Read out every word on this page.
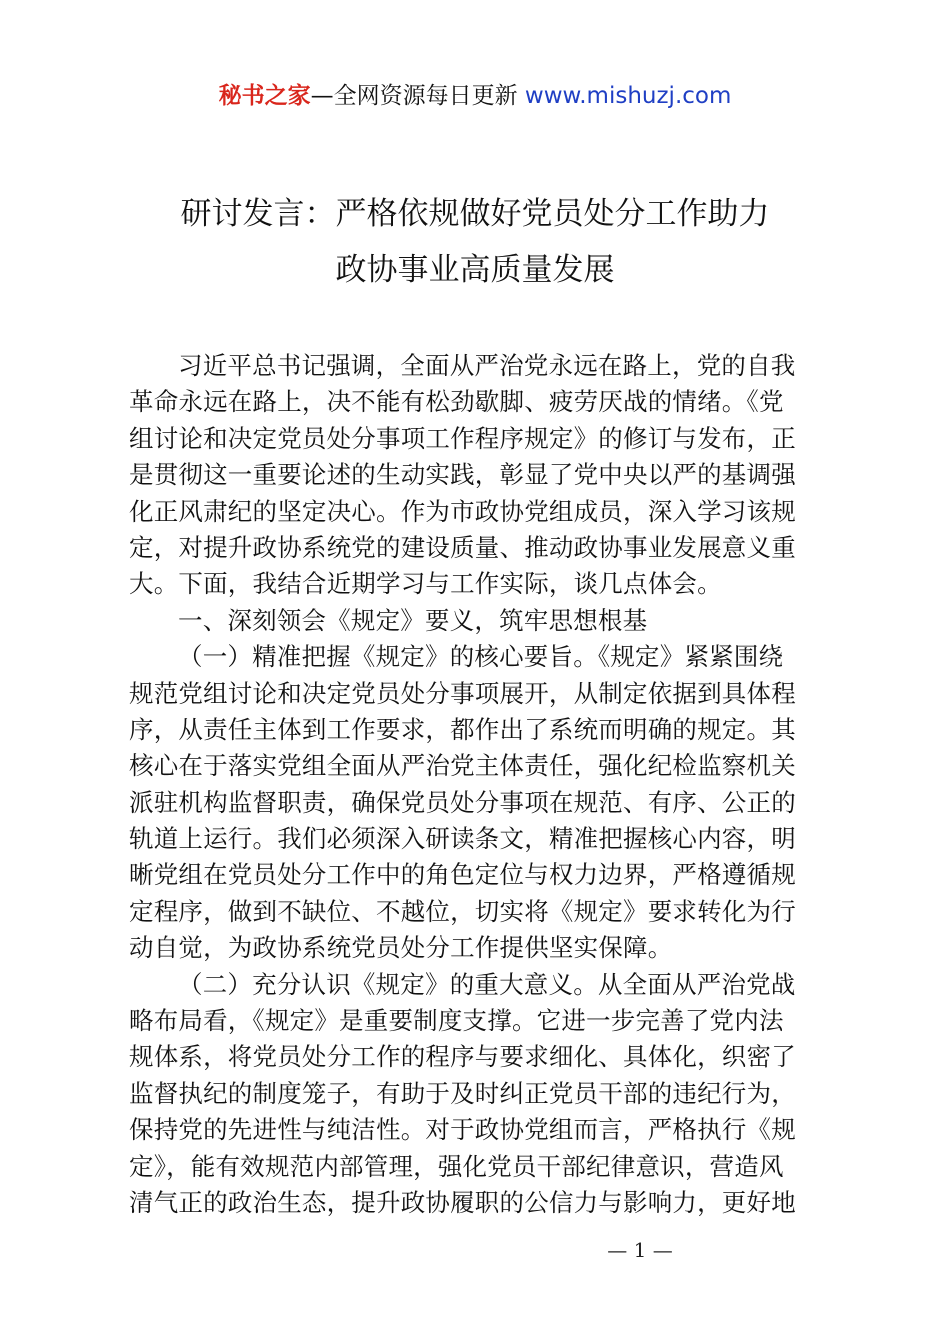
秘书之家—全网资源每日更新 www.mishuzj.com
研讨发言：严格依规做好党员处分工作助力
政协事业高质量发展
习近平总书记强调，全面从严治党永远在路上，党的自我
革命永远在路上，决不能有松劲歇脚、疲劳厌战的情绪。《党
组讨论和决定党员处分事项工作程序规定》的修订与发布，正
是贯彻这一重要论述的生动实践，彰显了党中央以严的基调强
化正风肃纪的坚定决心。作为市政协党组成员，深入学习该规
定，对提升政协系统党的建设质量、推动政协事业发展意义重
大。下面，我结合近期学习与工作实际，谈几点体会。
一、深刻领会《规定》要义，筑牢思想根基
（一）精准把握《规定》的核心要旨。《规定》紧紧围绕
规范党组讨论和决定党员处分事项展开，从制定依据到具体程
序，从责任主体到工作要求，都作出了系统而明确的规定。其
核心在于落实党组全面从严治党主体责任，强化纪检监察机关
派驻机构监督职责，确保党员处分事项在规范、有序、公正的
轨道上运行。我们必须深入研读条文，精准把握核心内容，明
晰党组在党员处分工作中的角色定位与权力边界，严格遵循规
定程序，做到不缺位、不越位，切实将《规定》要求转化为行
动自觉，为政协系统党员处分工作提供坚实保障。
（二）充分认识《规定》的重大意义。从全面从严治党战
略布局看，《规定》是重要制度支撑。它进一步完善了党内法
规体系，将党员处分工作的程序与要求细化、具体化，织密了
监督执纪的制度笼子，有助于及时纠正党员干部的违纪行为，
保持党的先进性与纯洁性。对于政协党组而言，严格执行《规
定》，能有效规范内部管理，强化党员干部纪律意识，营造风
清气正的政治生态，提升政协履职的公信力与影响力，更好地
— 1 —
